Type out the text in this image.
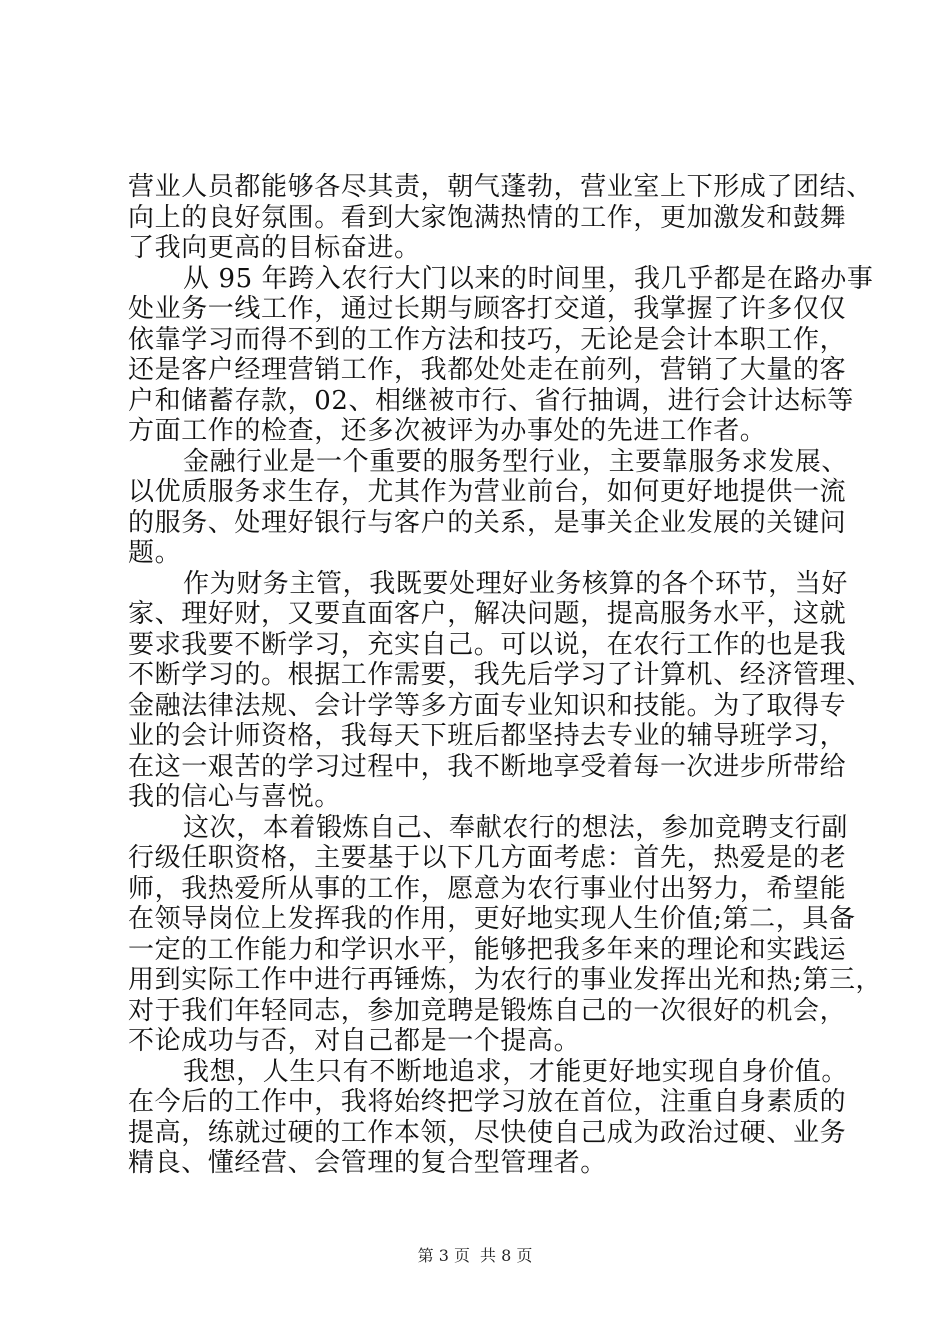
营业人员都能够各尽其责，朝气蓬勃，营业室上下形成了团结、
向上的良好氛围。看到大家饱满热情的工作，更加激发和鼓舞
了我向更高的目标奋进。
从 95 年跨入农行大门以来的时间里，我几乎都是在路办事
处业务一线工作，通过长期与顾客打交道，我掌握了许多仅仅
依靠学习而得不到的工作方法和技巧，无论是会计本职工作，
还是客户经理营销工作，我都处处走在前列，营销了大量的客
户和储蓄存款，02、相继被市行、省行抽调，进行会计达标等
方面工作的检查，还多次被评为办事处的先进工作者。
金融行业是一个重要的服务型行业，主要靠服务求发展、
以优质服务求生存，尤其作为营业前台，如何更好地提供一流
的服务、处理好银行与客户的关系，是事关企业发展的关键问
题。
作为财务主管，我既要处理好业务核算的各个环节，当好
家、理好财，又要直面客户，解决问题，提高服务水平，这就
要求我要不断学习，充实自己。可以说，在农行工作的也是我
不断学习的。根据工作需要，我先后学习了计算机、经济管理、
金融法律法规、会计学等多方面专业知识和技能。为了取得专
业的会计师资格，我每天下班后都坚持去专业的辅导班学习，
在这一艰苦的学习过程中，我不断地享受着每一次进步所带给
我的信心与喜悦。
这次，本着锻炼自己、奉献农行的想法，参加竞聘支行副
行级任职资格，主要基于以下几方面考虑：首先，热爱是的老
师，我热爱所从事的工作，愿意为农行事业付出努力，希望能
在领导岗位上发挥我的作用，更好地实现人生价值;第二，具备
一定的工作能力和学识水平，能够把我多年来的理论和实践运
用到实际工作中进行再锤炼，为农行的事业发挥出光和热;第三，
对于我们年轻同志，参加竞聘是锻炼自己的一次很好的机会，
不论成功与否，对自己都是一个提高。
我想，人生只有不断地追求，才能更好地实现自身价值。
在今后的工作中，我将始终把学习放在首位，注重自身素质的
提高，练就过硬的工作本领，尽快使自己成为政治过硬、业务
精良、懂经营、会管理的复合型管理者。
第 3 页 共 8 页
